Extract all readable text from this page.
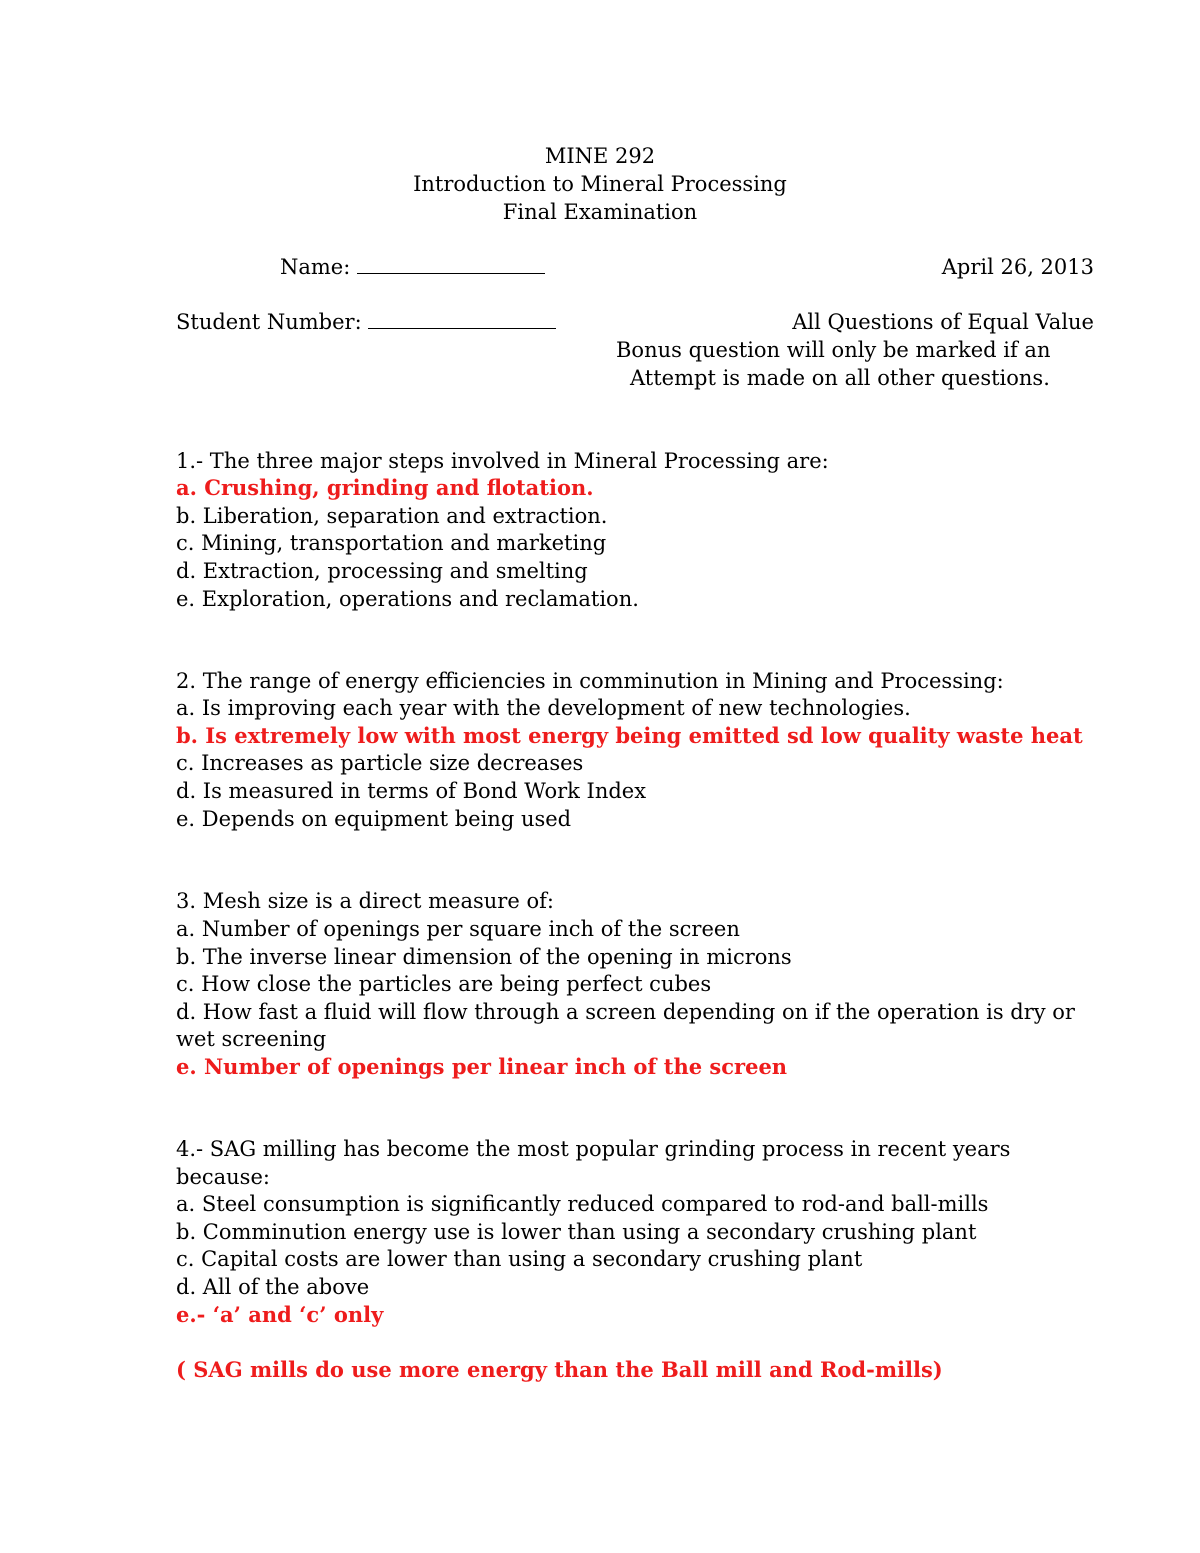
MINE 292
Introduction to Mineral Processing
Final Examination
Name:	April 26, 2013
Student Number:	All Questions of Equal Value
Bonus question will only be marked if an
Attempt is made on all other questions.
1.- The three major steps involved in Mineral Processing are:
a. Crushing, grinding and flotation.
b. Liberation, separation and extraction.
c. Mining, transportation and marketing
d. Extraction, processing and smelting
e. Exploration, operations and reclamation.
2. The range of energy efficiencies in comminution in Mining and Processing:
a. Is improving each year with the development of new technologies.
b. Is extremely low with most energy being emitted sd low quality waste heat
c. Increases as particle size decreases
d. Is measured in terms of Bond Work Index
e. Depends on equipment being used
3. Mesh size is a direct measure of:
a. Number of openings per square inch of the screen
b. The inverse linear dimension of the opening in microns
c. How close the particles are being perfect cubes
d. How fast a fluid will flow through a screen depending on if the operation is dry or
wet screening
e. Number of openings per linear inch of the screen
4.- SAG milling has become the most popular grinding process in recent years
because:
a. Steel consumption is significantly reduced compared to rod-and ball-mills
b. Comminution energy use is lower than using a secondary crushing plant
c. Capital costs are lower than using a secondary crushing plant
d. All of the above
e.- ‘a’ and ‘c’ only
( SAG mills do use more energy than the Ball mill and Rod-mills)
